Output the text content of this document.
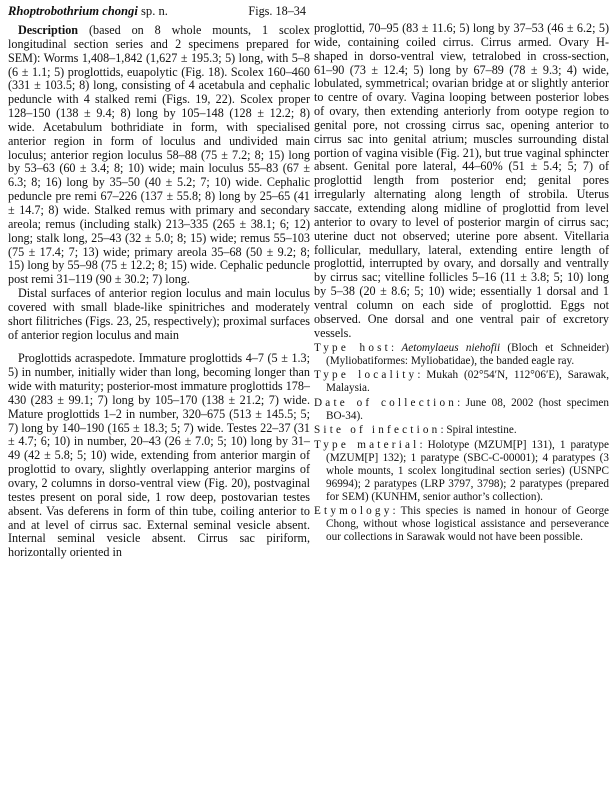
Rhoptrobothrium chongi sp. n.	Figs. 18–34

Description (based on 8 whole mounts, 1 scolex longitudinal section series and 2 specimens prepared for SEM): Worms 1,408–1,842 (1,627 ± 195.3; 5) long, with 5–8 (6 ± 1.1; 5) proglottids, euapolytic (Fig. 18). Scolex 160–460 (331 ± 103.5; 8) long, consisting of 4 acetabula and cephalic peduncle with 4 stalked remi (Figs. 19, 22). Scolex proper 128–150 (138 ± 9.4; 8) long by 105–148 (128 ± 12.2; 8) wide. Acetabulum bothridiate in form, with specialised anterior region in form of loculus and undivided main loculus; anterior region loculus 58–88 (75 ± 7.2; 8; 15) long by 53–63 (60 ± 3.4; 8; 10) wide; main loculus 55–83 (67 ± 6.3; 8; 16) long by 35–50 (40 ± 5.2; 7; 10) wide. Cephalic peduncle pre remi 67–226 (137 ± 55.8; 8) long by 25–65 (41 ± 14.7; 8) wide. Stalked remus with primary and secondary areola; remus (including stalk) 213–335 (265 ± 38.1; 6; 12) long; stalk long, 25–43 (32 ± 5.0; 8; 15) wide; remus 55–103 (75 ± 17.4; 7; 13) wide; primary areola 35–68 (50 ± 9.2; 8; 15) long by 55–98 (75 ± 12.2; 8; 15) wide. Cephalic peduncle post remi 31–119 (90 ± 30.2; 7) long.

Distal surfaces of anterior region loculus and main loculus covered with small blade-like spinitriches and moderately short filitriches (Figs. 23, 25, respectively); proximal surfaces of anterior region loculus and main

Proglottids acraspedote. Immature proglottids 4–7 (5 ± 1.3; 5) in number, initially wider than long, becoming longer than wide with maturity; posterior-most immature proglottids 178–430 (283 ± 99.1; 7) long by 105–170 (138 ± 21.2; 7) wide. Mature proglottids 1–2 in number, 320–675 (513 ± 145.5; 5; 7) long by 140–190 (165 ± 18.3; 5; 7) wide. Testes 22–37 (31 ± 4.7; 6; 10) in number, 20–43 (26 ± 7.0; 5; 10) long by 31–49 (42 ± 5.8; 5; 10) wide, extending from anterior margin of proglottid to ovary, slightly overlapping anterior margins of ovary, 2 columns in dorso-ventral view (Fig. 20), postvaginal testes present on poral side, 1 row deep, postovarian testes absent. Vas deferens in form of thin tube, coiling anterior to and at level of cirrus sac. External seminal vesicle absent. Internal seminal vesicle absent. Cirrus sac piriform, horizontally oriented in

proglottid, 70–95 (83 ± 11.6; 5) long by 37–53 (46 ± 6.2; 5) wide, containing coiled cirrus. Cirrus armed. Ovary H-shaped in dorso-ventral view, tetralobed in cross-section, 61–90 (73 ± 12.4; 5) long by 67–89 (78 ± 9.3; 4) wide, lobulated, symmetrical; ovarian bridge at or slightly anterior to centre of ovary. Vagina looping between posterior lobes of ovary, then extending anteriorly from ootype region to genital pore, not crossing cirrus sac, opening anterior to cirrus sac into genital atrium; muscles surrounding distal portion of vagina visible (Fig. 21), but true vaginal sphincter absent. Genital pore lateral, 44–60% (51 ± 5.4; 5; 7) of proglottid length from posterior end; genital pores irregularly alternating along length of strobila. Uterus saccate, extending along midline of proglottid from level anterior to ovary to level of posterior margin of cirrus sac; uterine duct not observed; uterine pore absent. Vitellaria follicular, medullary, lateral, extending entire length of proglottid, interrupted by ovary, and dorsally and ventrally by cirrus sac; vitelline follicles 5–16 (11 ± 3.8; 5; 10) long by 5–38 (20 ± 8.6; 5; 10) wide; essentially 1 dorsal and 1 ventral column on each side of proglottid. Eggs not observed. One dorsal and one ventral pair of excretory vessels.

Type host: Aetomylaeus niehofii (Bloch et Schneider) (Myliobatiformes: Myliobatidae), the banded eagle ray.
Type locality: Mukah (02°54′N, 112°06′E), Sarawak, Malaysia.
Date of collection: June 08, 2002 (host specimen BO-34).
Site of infection: Spiral intestine.
Type material: Holotype (MZUM[P] 131), 1 paratype (MZUM[P] 132); 1 paratype (SBC-C-00001); 4 paratypes (3 whole mounts, 1 scolex longitudinal section series) (USNPC 96994); 2 paratypes (LRP 3797, 3798); 2 paratypes (prepared for SEM) (KUNHM, senior author’s collection).
Etymology: This species is named in honour of George Chong, without whose logistical assistance and perseverance our collections in Sarawak would not have been possible.
